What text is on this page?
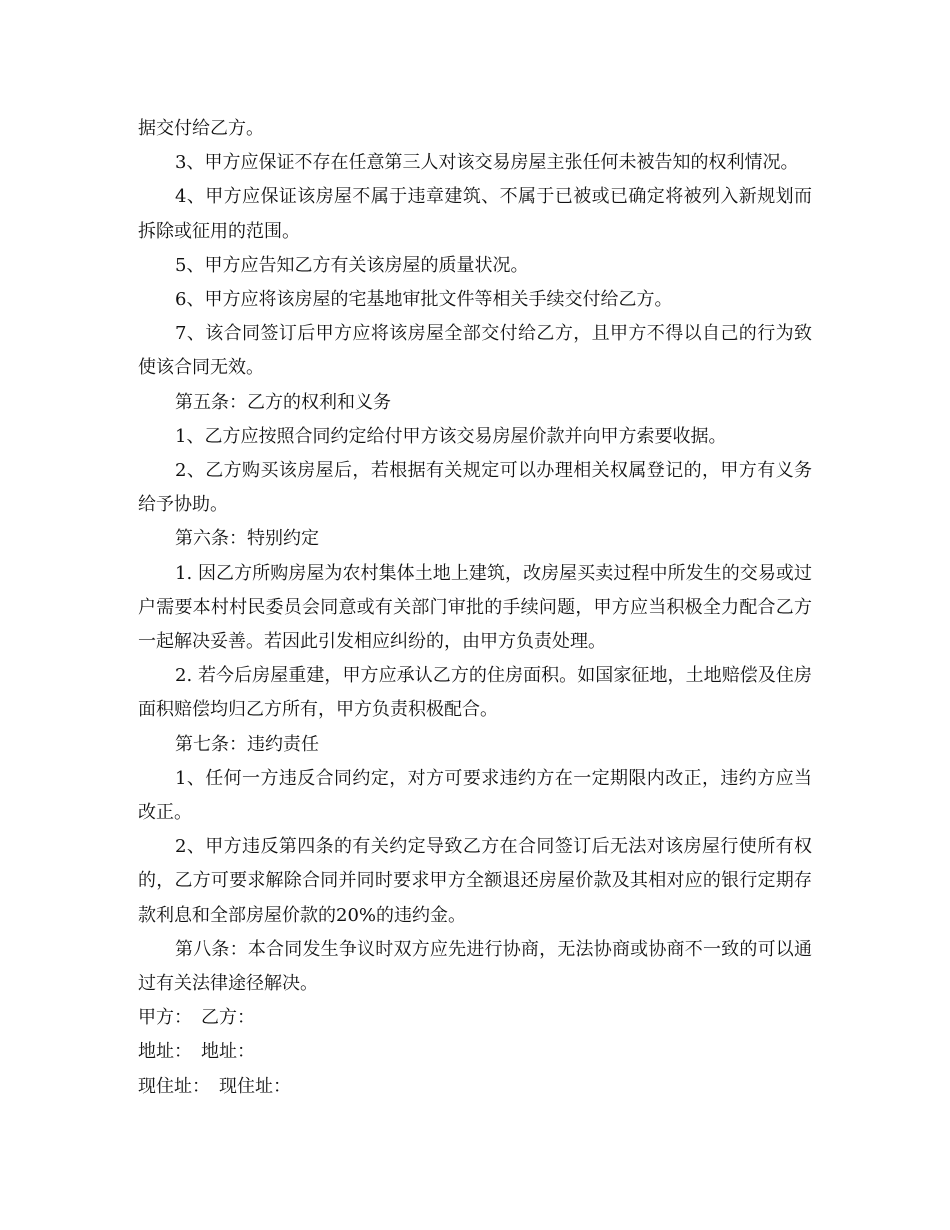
据交付给乙方。

3、甲方应保证不存在任意第三人对该交易房屋主张任何未被告知的权利情况。

4、甲方应保证该房屋不属于违章建筑、不属于已被或已确定将被列入新规划而拆除或征用的范围。

5、甲方应告知乙方有关该房屋的质量状况。

6、甲方应将该房屋的宅基地审批文件等相关手续交付给乙方。

7、该合同签订后甲方应将该房屋全部交付给乙方，且甲方不得以自己的行为致使该合同无效。

第五条：乙方的权利和义务

1、乙方应按照合同约定给付甲方该交易房屋价款并向甲方索要收据。

2、乙方购买该房屋后，若根据有关规定可以办理相关权属登记的，甲方有义务给予协助。

第六条：特别约定

1. 因乙方所购房屋为农村集体土地上建筑，改房屋买卖过程中所发生的交易或过户需要本村村民委员会同意或有关部门审批的手续问题，甲方应当积极全力配合乙方一起解决妥善。若因此引发相应纠纷的，由甲方负责处理。

2. 若今后房屋重建，甲方应承认乙方的住房面积。如国家征地，土地赔偿及住房面积赔偿均归乙方所有，甲方负责积极配合。

第七条：违约责任

1、任何一方违反合同约定，对方可要求违约方在一定期限内改正，违约方应当改正。

2、甲方违反第四条的有关约定导致乙方在合同签订后无法对该房屋行使所有权的，乙方可要求解除合同并同时要求甲方全额退还房屋价款及其相对应的银行定期存款利息和全部房屋价款的20%的违约金。

第八条：本合同发生争议时双方应先进行协商，无法协商或协商不一致的可以通过有关法律途径解决。

甲方：　乙方：

地址：　地址：

现住址：　现住址：
